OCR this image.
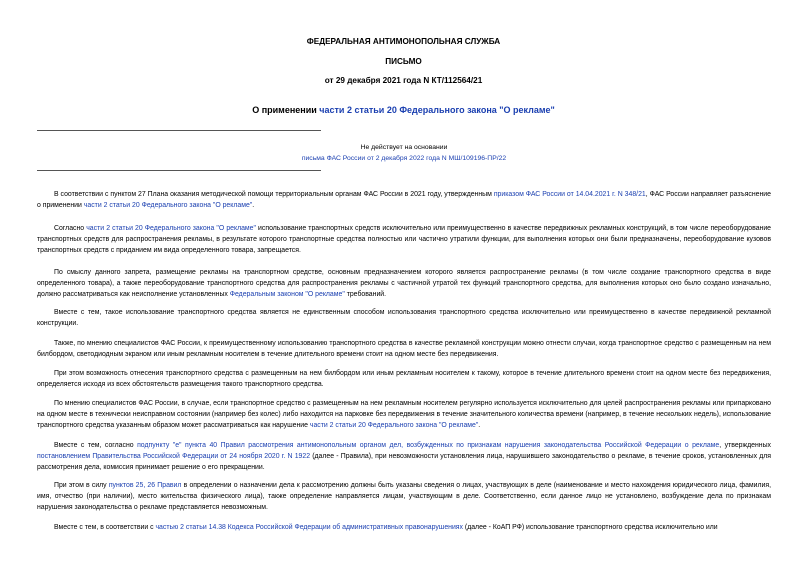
ФЕДЕРАЛЬНАЯ АНТИМОНОПОЛЬНАЯ СЛУЖБА
ПИСЬМО
от 29 декабря 2021 года N КТ/112564/21
О применении части 2 статьи 20 Федерального закона "О рекламе"
Не действует на основании
письма ФАС России от 2 декабря 2022 года N МШ/109196-ПР/22
В соответствии с пунктом 27 Плана оказания методической помощи территориальным органам ФАС России в 2021 году, утвержденным приказом ФАС России от 14.04.2021 г. N 348/21, ФАС России направляет разъяснение о применении части 2 статьи 20 Федерального закона "О рекламе".
Согласно части 2 статьи 20 Федерального закона "О рекламе" использование транспортных средств исключительно или преимущественно в качестве передвижных рекламных конструкций, в том числе переоборудование транспортных средств для распространения рекламы, в результате которого транспортные средства полностью или частично утратили функции, для выполнения которых они были предназначены, переоборудование кузовов транспортных средств с приданием им вида определенного товара, запрещается.
По смыслу данного запрета, размещение рекламы на транспортном средстве, основным предназначением которого является распространение рекламы (в том числе создание транспортного средства в виде определенного товара), а также переоборудование транспортного средства для распространения рекламы с частичной утратой тех функций транспортного средства, для выполнения которых оно было создано изначально, должно рассматриваться как неисполнение установленных Федеральным законом "О рекламе" требований.
Вместе с тем, такое использование транспортного средства является не единственным способом использования транспортного средства исключительно или преимущественно в качестве передвижной рекламной конструкции.
Также, по мнению специалистов ФАС России, к преимущественному использованию транспортного средства в качестве рекламной конструкции можно отнести случаи, когда транспортное средство с размещенным на нем билбордом, светодиодным экраном или иным рекламным носителем в течение длительного времени стоит на одном месте без передвижения.
При этом возможность отнесения транспортного средства с размещенным на нем билбордом или иным рекламным носителем к такому, которое в течение длительного времени стоит на одном месте без передвижения, определяется исходя из всех обстоятельств размещения такого транспортного средства.
По мнению специалистов ФАС России, в случае, если транспортное средство с размещенным на нем рекламным носителем регулярно используется исключительно для целей распространения рекламы или припарковано на одном месте в технически неисправном состоянии (например без колес) либо находится на парковке без передвижения в течение значительного количества времени (например, в течение нескольких недель), использование транспортного средства указанным образом может рассматриваться как нарушение части 2 статьи 20 Федерального закона "О рекламе".
Вместе с тем, согласно подпункту "е" пункта 40 Правил рассмотрения антимонопольным органом дел, возбужденных по признакам нарушения законодательства Российской Федерации о рекламе, утвержденных постановлением Правительства Российской Федерации от 24 ноября 2020 г. N 1922 (далее - Правила), при невозможности установления лица, нарушившего законодательство о рекламе, в течение сроков, установленных для рассмотрения дела, комиссия принимает решение о его прекращении.
При этом в силу пунктов 25, 26 Правил в определении о назначении дела к рассмотрению должны быть указаны сведения о лицах, участвующих в деле (наименование и место нахождения юридического лица, фамилия, имя, отчество (при наличии), место жительства физического лица), также определение направляется лицам, участвующим в деле. Соответственно, если данное лицо не установлено, возбуждение дела по признакам нарушения законодательства о рекламе представляется невозможным.
Вместе с тем, в соответствии с частью 2 статьи 14.38 Кодекса Российской Федерации об административных правонарушениях (далее - КоАП РФ) использование транспортного средства исключительно или
